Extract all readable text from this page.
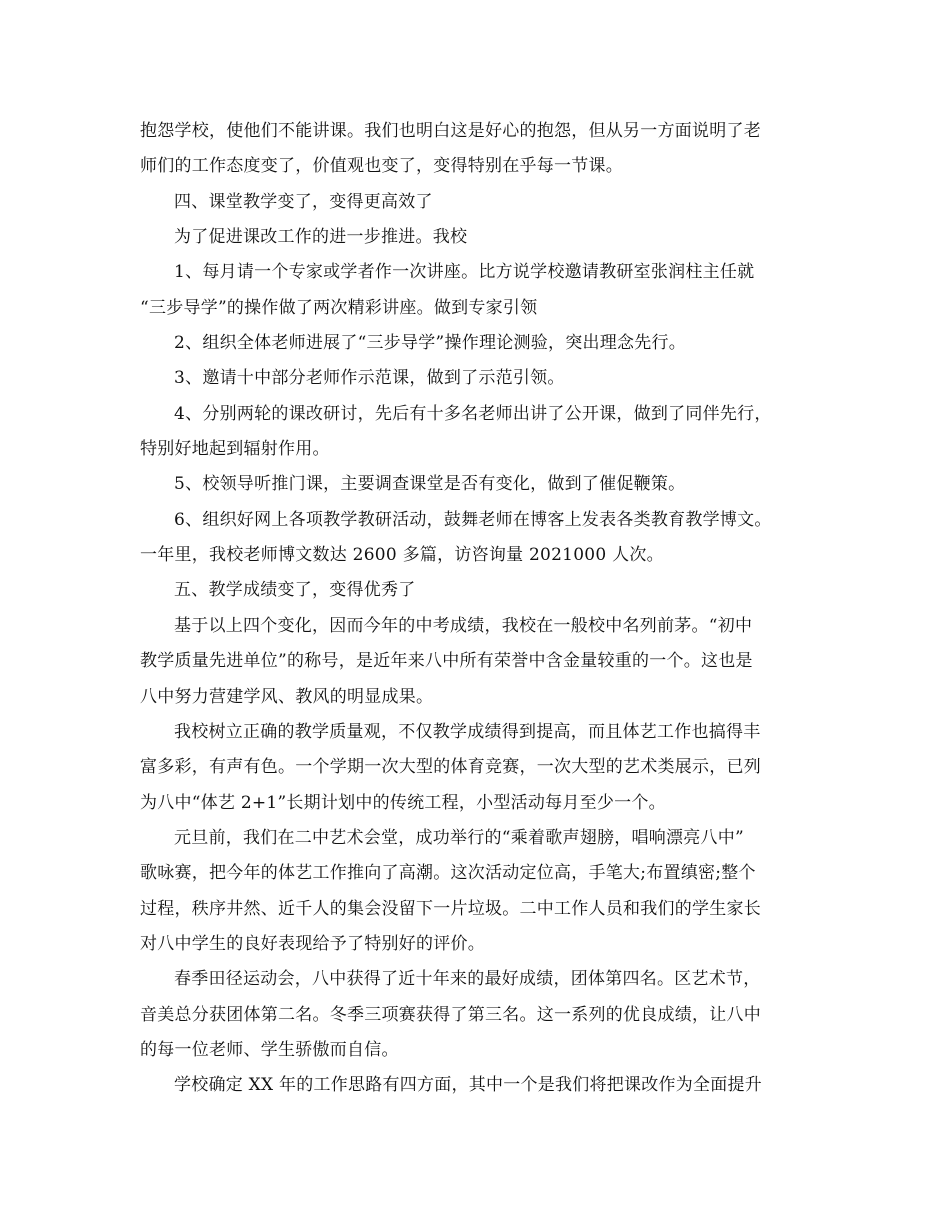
抱怨学校，使他们不能讲课。我们也明白这是好心的抱怨，但从另一方面说明了老
师们的工作态度变了，价值观也变了，变得特别在乎每一节课。
四、课堂教学变了，变得更高效了
为了促进课改工作的进一步推进。我校
1、每月请一个专家或学者作一次讲座。比方说学校邀请教研室张润柱主任就
“三步导学”的操作做了两次精彩讲座。做到专家引领
2、组织全体老师进展了“三步导学”操作理论测验，突出理念先行。
3、邀请十中部分老师作示范课，做到了示范引领。
4、分别两轮的课改研讨，先后有十多名老师出讲了公开课，做到了同伴先行，
特别好地起到辐射作用。
5、校领导听推门课，主要调查课堂是否有变化，做到了催促鞭策。
6、组织好网上各项教学教研活动，鼓舞老师在博客上发表各类教育教学博文。
一年里，我校老师博文数达 2600 多篇，访咨询量 2021000 人次。
五、教学成绩变了，变得优秀了
基于以上四个变化，因而今年的中考成绩，我校在一般校中名列前茅。“初中
教学质量先进单位”的称号，是近年来八中所有荣誉中含金量较重的一个。这也是
八中努力营建学风、教风的明显成果。
我校树立正确的教学质量观，不仅教学成绩得到提高，而且体艺工作也搞得丰
富多彩，有声有色。一个学期一次大型的体育竞赛，一次大型的艺术类展示，已列
为八中“体艺 2+1”长期计划中的传统工程，小型活动每月至少一个。
元旦前，我们在二中艺术会堂，成功举行的“乘着歌声翅膀，唱响漂亮八中”
歌咏赛，把今年的体艺工作推向了高潮。这次活动定位高，手笔大;布置缜密;整个
过程，秩序井然、近千人的集会没留下一片垃圾。二中工作人员和我们的学生家长
对八中学生的良好表现给予了特别好的评价。
春季田径运动会，八中获得了近十年来的最好成绩，团体第四名。区艺术节，
音美总分获团体第二名。冬季三项赛获得了第三名。这一系列的优良成绩，让八中
的每一位老师、学生骄傲而自信。
学校确定 XX 年的工作思路有四方面，其中一个是我们将把课改作为全面提升
